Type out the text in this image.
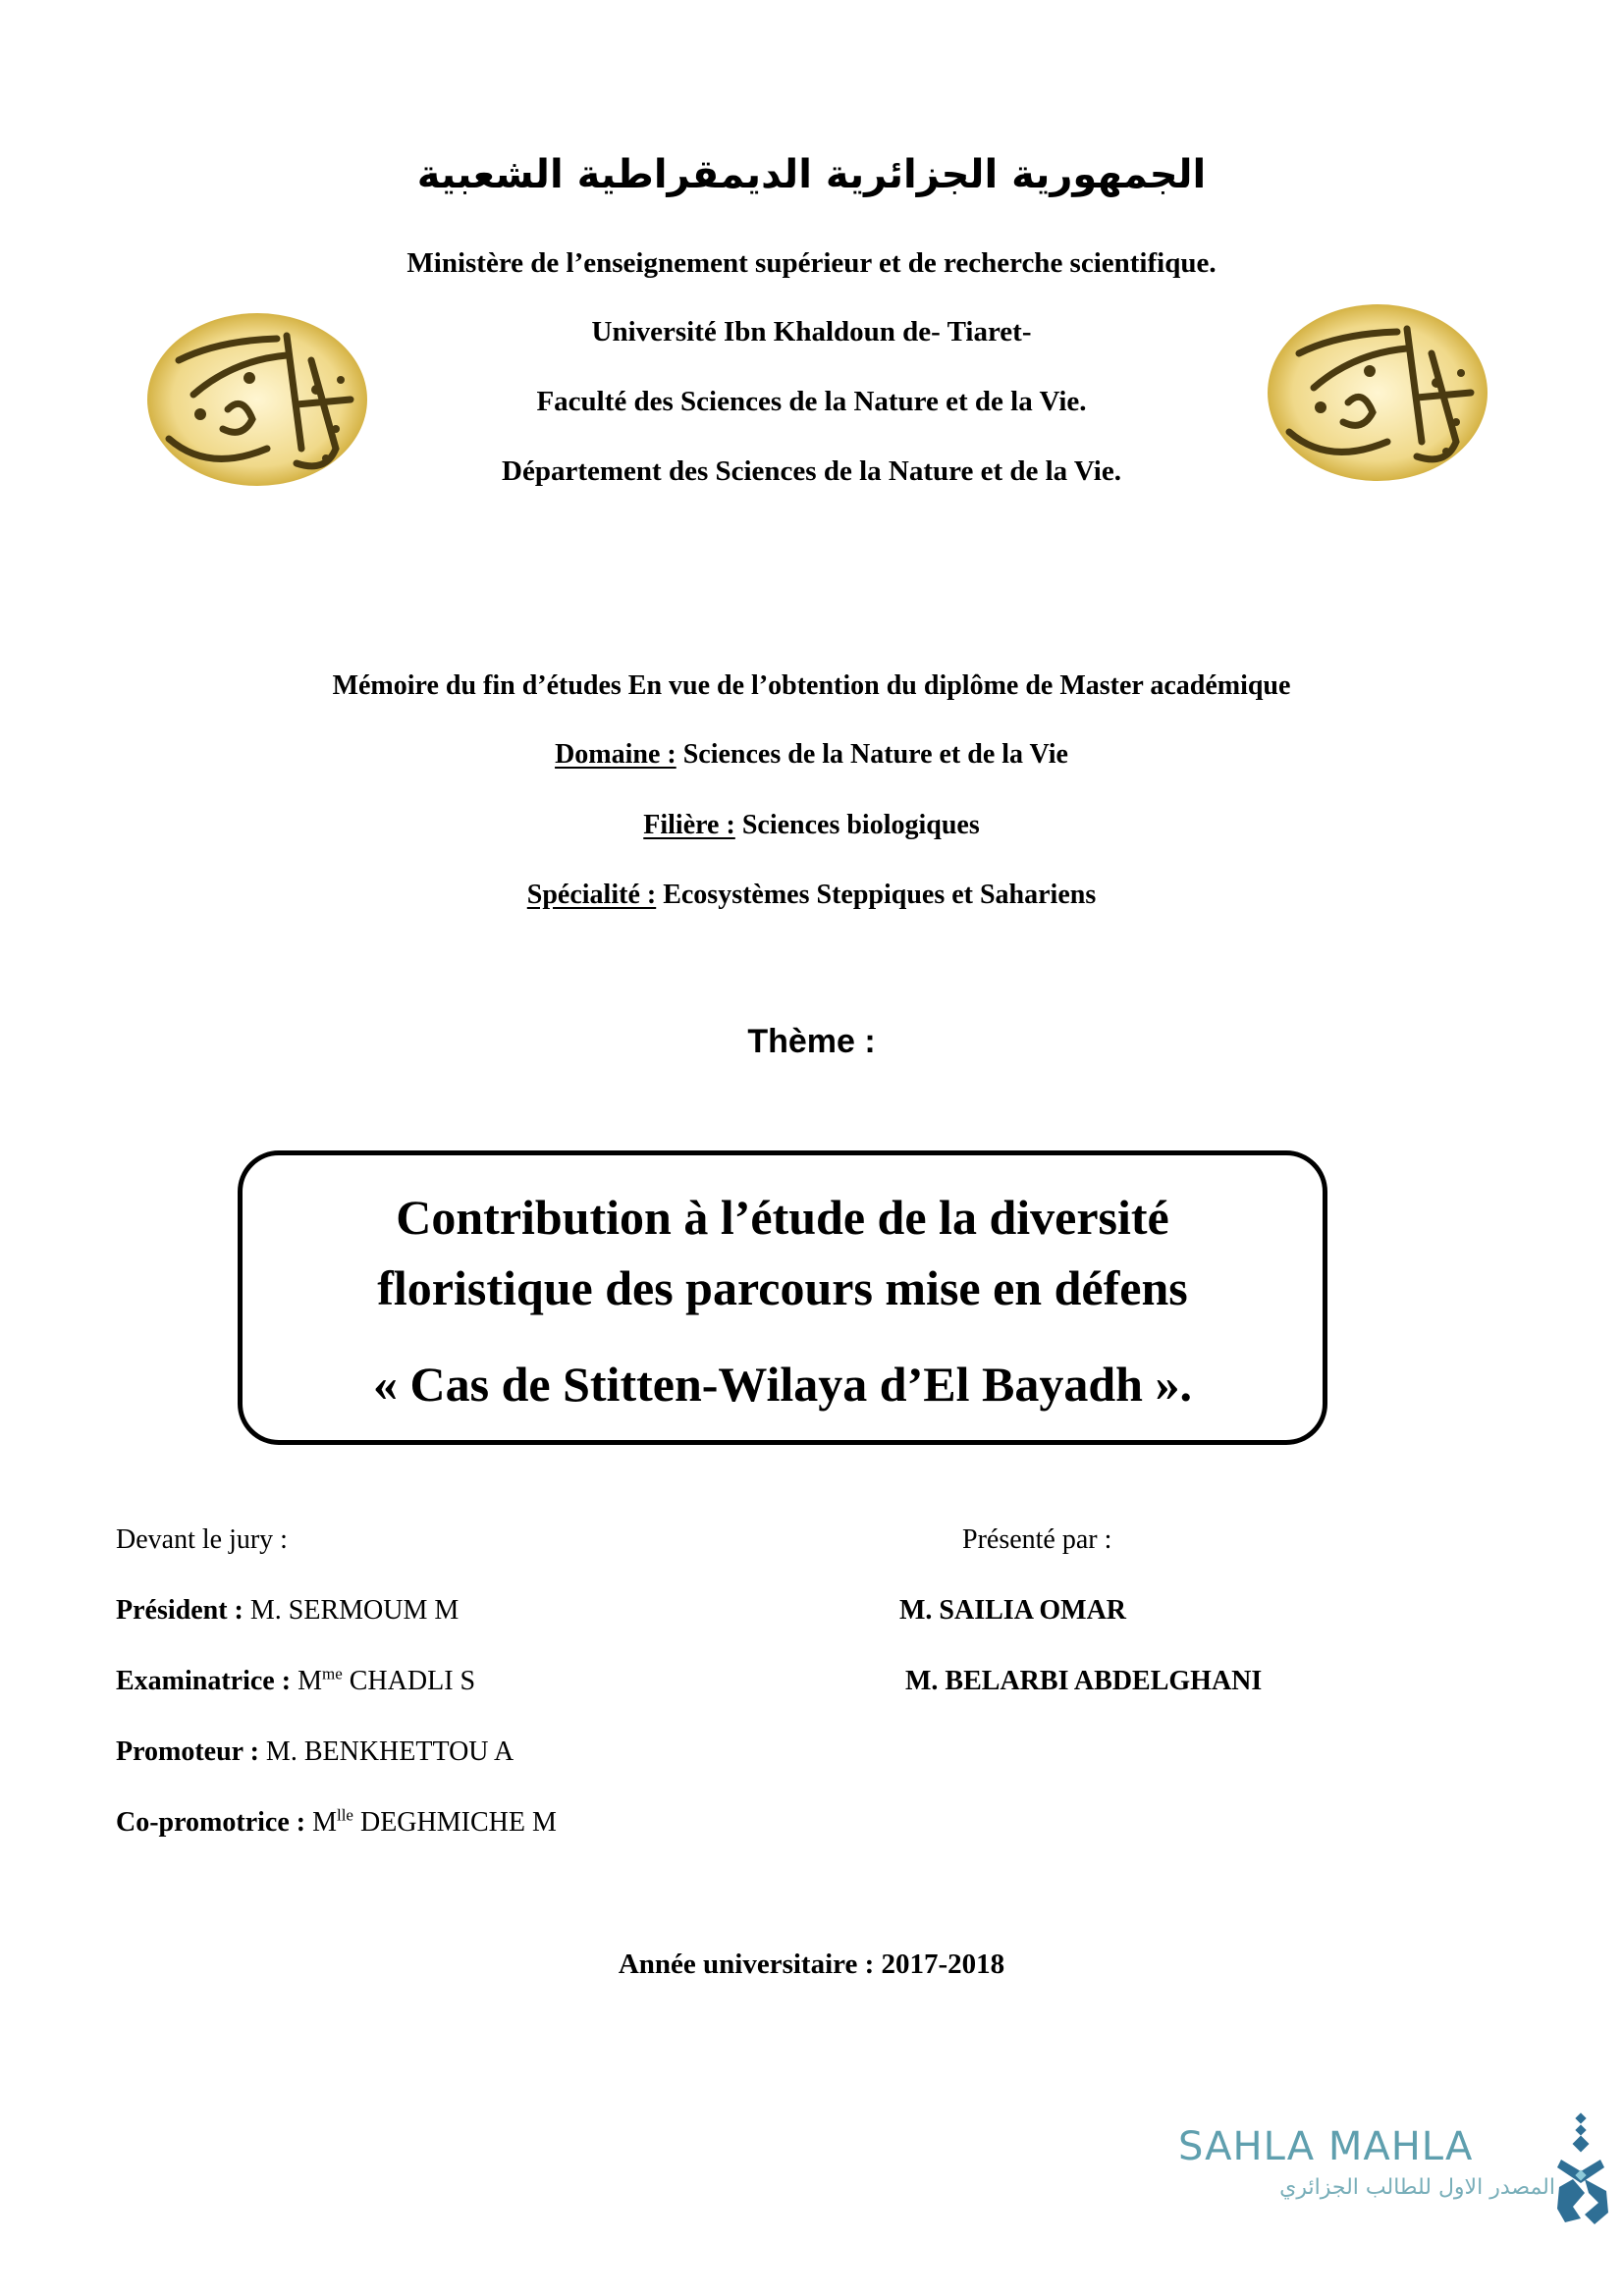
الجمهورية الجزائرية الديمقراطية الشعبية
Ministère de l’enseignement supérieur et de recherche scientifique.
Université Ibn Khaldoun de- Tiaret-
Faculté des Sciences de la Nature et de la Vie.
Département des Sciences de la Nature et de la Vie.
Mémoire du fin d’études En vue de l’obtention du diplôme de Master académique
Domaine : Sciences de la Nature et de la Vie
Filière : Sciences biologiques
Spécialité : Ecosystèmes Steppiques et Sahariens
Thème :
Contribution à l’étude de la diversité
floristique des parcours mise en défens
« Cas de Stitten-Wilaya d’El Bayadh ».
Devant le jury :	Présenté par :
Président : M. SERMOUM M
Examinatrice : $M^{me}$ CHADLI S
Promoteur : M. BENKHETTOU A
Co-promotrice : $M^{lle}$ DEGHMICHE M
M. SAILIA OMAR
M. BELARBI ABDELGHANI
Année universitaire : 2017-2018
SAHLA MAHLA
المصدر الاول للطالب الجزائري
